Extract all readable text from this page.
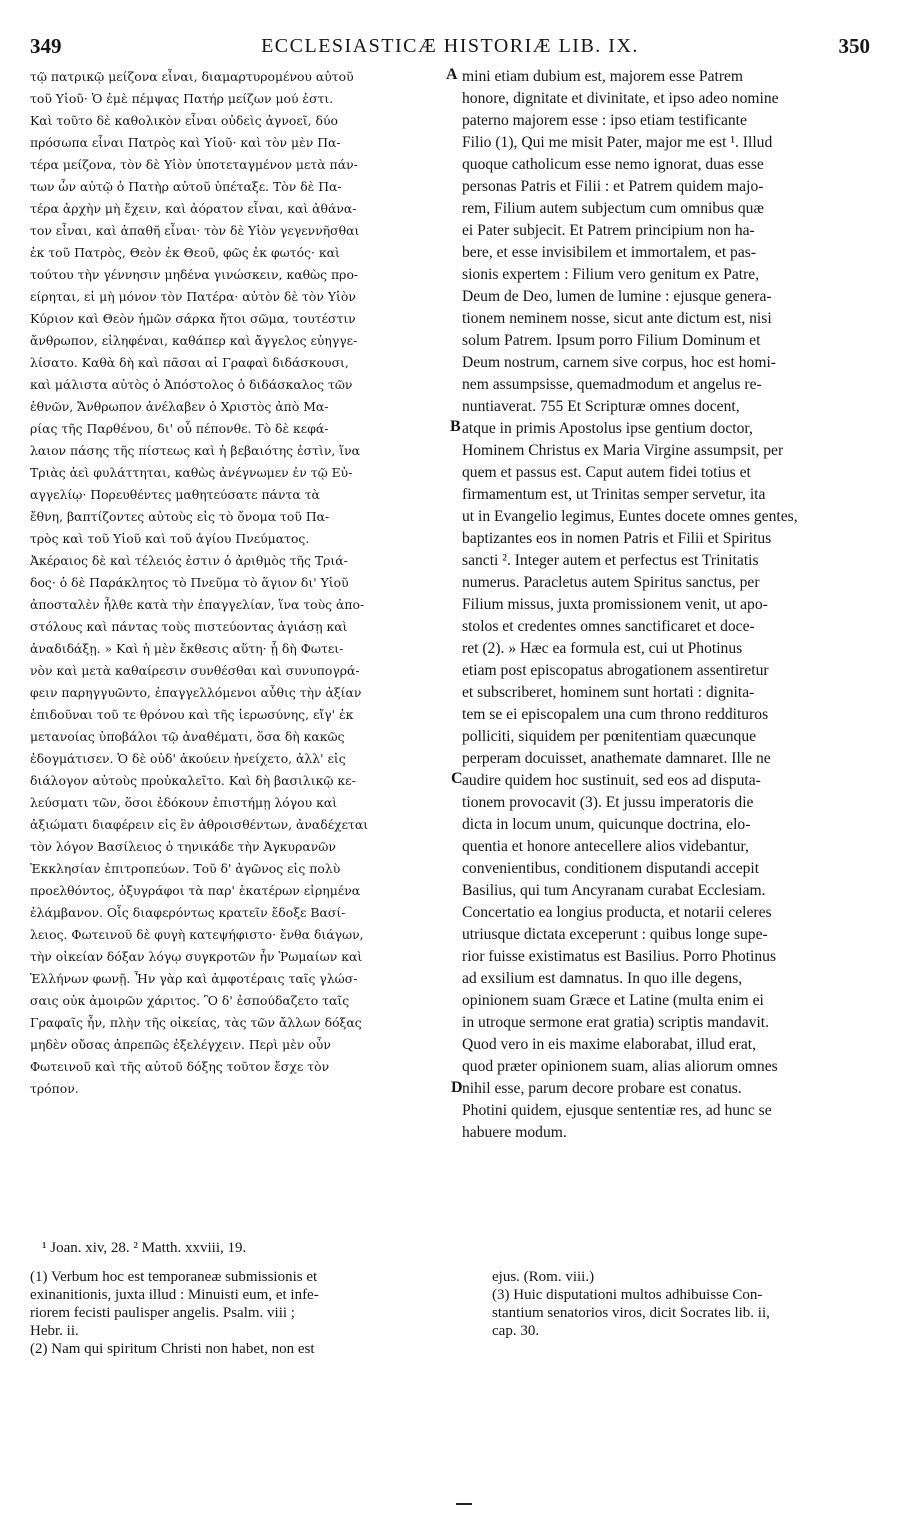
349	ECCLESIASTICÆ HISTORIÆ LIB. IX.	350
τῷ πατρικῷ μείζονα εἶναι, διαμαρτυρομένου αὐτοῦ
τοῦ Υἱοῦ· Ὁ ἐμὲ πέμψας Πατήρ μείζων μού ἐστι.
Καὶ τοῦτο δὲ καθολικὸν εἶναι οὐδεὶς ἀγνοεῖ, δύο
πρόσωπα εἶναι Πατρὸς καὶ Υἱοῦ· καὶ τὸν μὲν Πα-
τέρα μείζονα, τὸν δὲ Υἱὸν ὑποτεταγμένον μετὰ πάν-
των ὧν αὐτῷ ὁ Πατὴρ αὐτοῦ ὑπέταξε. Τὸν δὲ Πα-
τέρα ἀρχὴν μὴ ἔχειν, καὶ ἀόρατον εἶναι, καὶ ἀθάνα-
τον εἶναι, καὶ ἀπαθῆ εἶναι· τὸν δὲ Υἱὸν γεγεννῆσθαι
ἐκ τοῦ Πατρὸς, Θεὸν ἐκ Θεοῦ, φῶς ἐκ φωτός· καὶ
τούτου τὴν γέννησιν μηδένα γινώσκειν, καθὼς προ-
είρηται, εἰ μὴ μόνον τὸν Πατέρα· αὐτὸν δὲ τὸν Υἱὸν
Κύριον καὶ Θεὸν ἡμῶν σάρκα ἤτοι σῶμα, τουτέστιν
ἄνθρωπον, εἰληφέναι, καθάπερ καὶ ἄγγελος εὐηγγε-
λίσατο. Καθὰ δὴ καὶ πᾶσαι αἱ Γραφαὶ διδάσκουσι,
καὶ μάλιστα αὐτὸς ὁ Ἀπόστολος ὁ διδάσκαλος τῶν
ἐθνῶν, Ἄνθρωπον ἀνέλαβεν ὁ Χριστὸς ἀπὸ Μα-
ρίας τῆς Παρθένου, δι' οὗ πέπονθε. Τὸ δὲ κεφά-
λαιον πάσης τῆς πίστεως καὶ ἡ βεβαιότης ἐστὶν, ἵνα
Τριὰς ἀεὶ φυλάττηται, καθὼς ἀνέγνωμεν ἐν τῷ Εὐ-
αγγελίῳ· Πορευθέντες μαθητεύσατε πάντα τὰ
ἔθνη, βαπτίζοντες αὐτοὺς εἰς τὸ ὄνομα τοῦ Πα-
τρὸς καὶ τοῦ Υἱοῦ καὶ τοῦ ἁγίου Πνεύματος.
Ἀκέραιος δὲ καὶ τέλειός ἐστιν ὁ ἀριθμὸς τῆς Τριά-
δος· ὁ δὲ Παράκλητος τὸ Πνεῦμα τὸ ἅγιον δι' Υἱοῦ
ἀποσταλὲν ἦλθε κατὰ τὴν ἐπαγγελίαν, ἵνα τοὺς ἀπο-
στόλους καὶ πάντας τοὺς πιστεύοντας ἁγιάσῃ καὶ
ἀναδιδάξῃ. » Καὶ ἡ μὲν ἔκθεσις αὕτη· ᾗ δὴ Φωτει-
νὸν καὶ μετὰ καθαίρεσιν συνθέσθαι καὶ συνυπογρά-
φειν παρηγγυῶντο, ἐπαγγελλόμενοι αὖθις τὴν ἀξίαν
ἐπιδοῦναι τοῦ τε θρόνου καὶ τῆς ἱερωσύνης, εἴγ' ἐκ
μετανοίας ὑποβάλοι τῷ ἀναθέματι, ὅσα δὴ κακῶς
ἐδογμάτισεν. Ὁ δὲ οὐδ' ἀκούειν ἠνείχετο, ἀλλ' εἰς
διάλογον αὐτοὺς προὐκαλεῖτο. Καὶ δὴ βασιλικῷ κε-
λεύσματι τῶν, ὅσοι ἐδόκουν ἐπιστήμῃ λόγου καὶ
ἀξιώματι διαφέρειν εἰς ἓν ἀθροισθέντων, ἀναδέχεται
τὸν λόγον Βασίλειος ὁ τηνικάδε τὴν Ἀγκυρανῶν
Ἐκκλησίαν ἐπιτροπεύων. Τοῦ δ' ἀγῶνος εἰς πολὺ
προελθόντος, ὀξυγράφοι τὰ παρ' ἑκατέρων εἰρημένα
ἐλάμβανον. Οἷς διαφερόντως κρατεῖν ἔδοξε Βασί-
λειος. Φωτεινοῦ δὲ φυγὴ κατεψήφιστο· ἔνθα διάγων,
τὴν οἰκείαν δόξαν λόγῳ συγκροτῶν ἦν Ῥωμαίων καὶ
Ἑλλήνων φωνῇ. Ἦν γὰρ καὶ ἀμφοτέραις ταῖς γλώσ-
σαις οὐκ ἀμοιρῶν χάριτος. Ὃ δ' ἐσπούδαζετο ταῖς
Γραφαῖς ἦν, πλὴν τῆς οἰκείας, τὰς τῶν ἄλλων δόξας
μηδὲν οὔσας ἀπρεπῶς ἐξελέγχειν. Περὶ μὲν οὖν
Φωτεινοῦ καὶ τῆς αὐτοῦ δόξης τοῦτον ἔσχε τὸν
τρόπον.
mini etiam dubium est, majorem esse Patrem
honore, dignitate et divinitate, et ipso adeo nomine
paterno majorem esse : ipso etiam testificante
Filio (1), Qui me misit Pater, major me est ¹. Illud
quoque catholicum esse nemo ignorat, duas esse
personas Patris et Filii : et Patrem quidem majo-
rem, Filium autem subjectum cum omnibus quæ
ei Pater subjecit. Et Patrem principium non ha-
bere, et esse invisibilem et immortalem, et pas-
sionis expertem : Filium vero genitum ex Patre,
Deum de Deo, lumen de lumine : ejusque genera-
tionem neminem nosse, sicut ante dictum est, nisi
solum Patrem. Ipsum porro Filium Dominum et
Deum nostrum, carnem sive corpus, hoc est homi-
nem assumpsisse, quemadmodum et angelus re-
nuntiaverat. 755 Et Scripturæ omnes docent,
atque in primis Apostolus ipse gentium doctor,
Hominem Christus ex Maria Virgine assumpsit, per
quem et passus est. Caput autem fidei totius et
firmamentum est, ut Trinitas semper servetur, ita
ut in Evangelio legimus, Euntes docete omnes gentes,
baptizantes eos in nomen Patris et Filii et Spiritus
sancti ². Integer autem et perfectus est Trinitatis
numerus. Paracletus autem Spiritus sanctus, per
Filium missus, juxta promissionem venit, ut apo-
stolos et credentes omnes sanctificaret et doce-
ret (2). » Hæc ea formula est, cui ut Photinus
etiam post episcopatus abrogationem assentiretur
et subscriberet, hominem sunt hortati : dignita-
tem se ei episcopalem una cum throno reddituros
polliciti, siquidem per pœnitentiam quæcunque
perperam docuisset, anathemate damnaret. Ille ne
audire quidem hoc sustinuit, sed eos ad disputa-
tionem provocavit (3). Et jussu imperatoris die
dicta in locum unum, quicunque doctrina, elo-
quentia et honore antecellere alios videbantur,
convenientibus, conditionem disputandi accepit
Basilius, qui tum Ancyranam curabat Ecclesiam.
Concertatio ea longius producta, et notarii celeres
utriusque dictata exceperunt : quibus longe supe-
rior fuisse existimatus est Basilius. Porro Photinus
ad exsilium est damnatus. In quo ille degens,
opinionem suam Græce et Latine (multa enim ei
in utroque sermone erat gratia) scriptis mandavit.
Quod vero in eis maxime elaborabat, illud erat,
quod præter opinionem suam, alias aliorum omnes
nihil esse, parum decore probare est conatus.
Photini quidem, ejusque sententiæ res, ad hunc se
habuere modum.
A
B
C
D
¹ Joan. xiv, 28. ² Matth. xxviii, 19.
(1) Verbum hoc est temporaneæ submissionis et
exinanitionis, juxta illud : Minuisti eum, et infe-
riorem fecisti paulisper angelis. Psalm. viii ;
Hebr. ii.
(2) Nam qui spiritum Christi non habet, non est
ejus. (Rom. viii.)
(3) Huic disputationi multos adhibuisse Con-
stantium senatorios viros, dicit Socrates lib. ii,
cap. 30.
